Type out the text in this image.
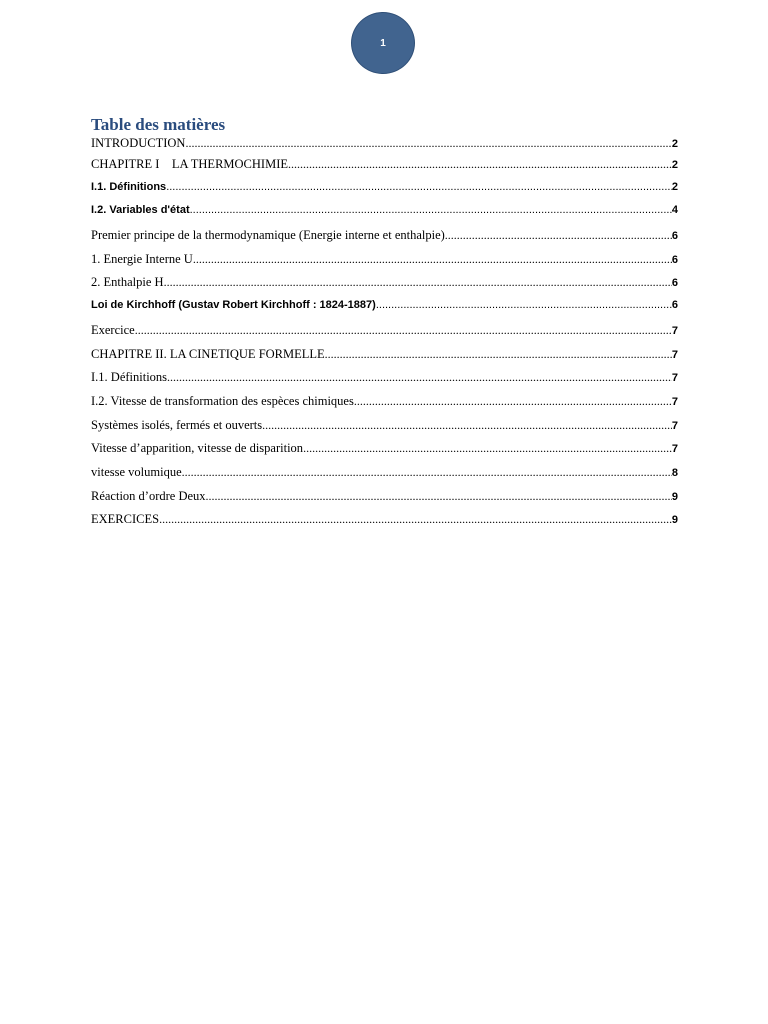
1
Table des matières
INTRODUCTION .....	2
CHAPITRE I    LA THERMOCHIMIE .....	2
I.1. Définitions .....	2
I.2. Variables d'état .....	4
Premier principe de la thermodynamique (Energie interne et enthalpie) .....	6
1. Energie Interne U .....	6
2. Enthalpie H .....	6
Loi de Kirchhoff (Gustav Robert Kirchhoff : 1824-1887) .....	6
Exercice .....	7
CHAPITRE II. LA CINETIQUE FORMELLE .....	7
I.1. Définitions .....	7
I.2. Vitesse de transformation des espèces chimiques .....	7
Systèmes isolés, fermés et ouverts .....	7
Vitesse d’apparition, vitesse de disparition .....	7
vitesse volumique .....	8
Réaction d’ordre Deux .....	9
EXERCICES .....	9
